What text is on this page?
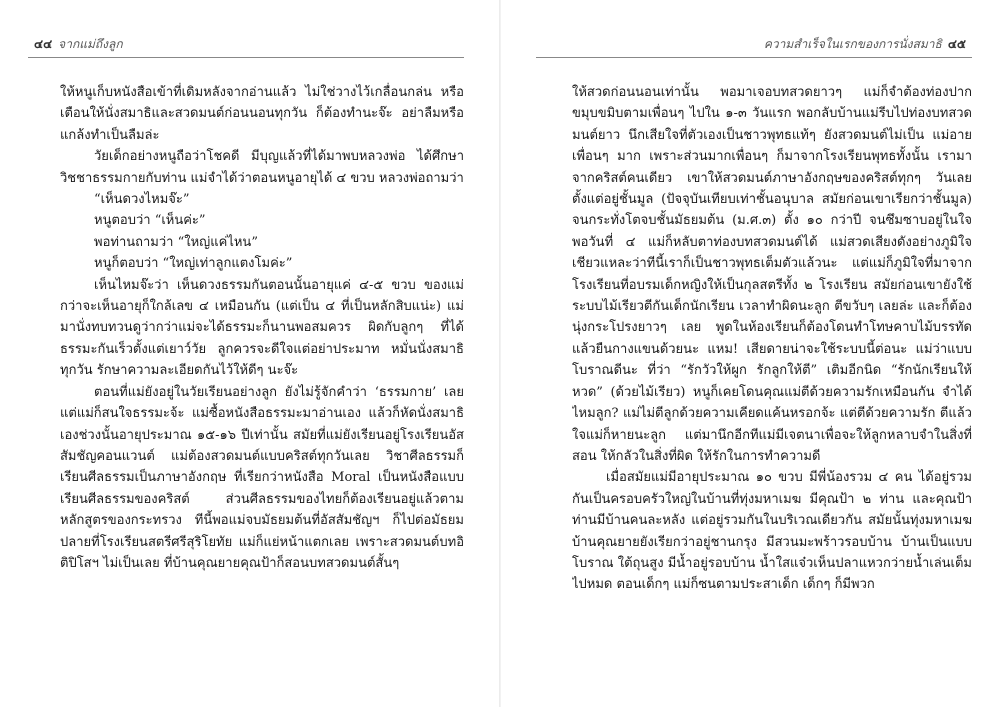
๔๔ จากแม่ถึงลูก

ให้หนูเก็บหนังสือเข้าที่เดิมหลังจากอ่านแล้ว ไม่ใช่วางไว้เกลื่อนกล่น หรือเตือนให้นั่งสมาธิและสวดมนต์ก่อนนอนทุกวัน ก็ต้องทำนะจ๊ะ อย่าลืมหรือแกล้งทำเป็นลืมล่ะ

วัยเด็กอย่างหนูถือว่าโชคดี มีบุญแล้วที่ได้มาพบหลวงพ่อ ได้ศึกษาวิชชาธรรมกายกับท่าน แม่จำได้ว่าตอนหนูอายุได้ ๔ ขวบ หลวงพ่อถามว่า

“เห็นดวงไหมจ๊ะ”

หนูตอบว่า “เห็นค่ะ”

พอท่านถามว่า “ใหญ่แค่ไหน”

หนูก็ตอบว่า “ใหญ่เท่าลูกแตงโมค่ะ”

เห็นไหมจ๊ะว่า เห็นดวงธรรมกันตอนนั้นอายุแค่ ๔-๕ ขวบ ของแม่กว่าจะเห็นอายุก็ใกล้เลข ๔ เหมือนกัน (แต่เป็น ๔ ที่เป็นหลักสิบแน่ะ) แม่มานั่งทบทวนดูว่ากว่าแม่จะได้ธรรมะก็นานพอสมควร ผิดกับลูกๆ ที่ได้ธรรมะกันเร็วตั้งแต่เยาว์วัย ลูกควรจะดีใจแต่อย่าประมาท หมั่นนั่งสมาธิทุกวัน รักษาความละเอียดกันไว้ให้ดีๆ นะจ๊ะ

ตอนที่แม่ยังอยู่ในวัยเรียนอย่างลูก ยังไม่รู้จักคำว่า ‘ธรรมกาย’ เลย แต่แม่ก็สนใจธรรมะจ้ะ แม่ซื้อหนังสือธรรมะมาอ่านเอง แล้วก็หัดนั่งสมาธิเองช่วงนั้นอายุประมาณ ๑๕-๑๖ ปีเท่านั้น สมัยที่แม่ยังเรียนอยู่โรงเรียนอัสสัมชัญคอนแวนต์ แม่ต้องสวดมนต์แบบคริสต์ทุกวันเลย วิชาศีลธรรมก็เรียนศีลธรรมเป็นภาษาอังกฤษ ที่เรียกว่าหนังสือ Moral เป็นหนังสือแบบเรียนศีลธรรมของคริสต์ ส่วนศีลธรรมของไทยก็ต้องเรียนอยู่แล้วตามหลักสูตรของกระทรวง ทีนี้พอแม่จบมัธยมต้นที่อัสสัมชัญฯ ก็ไปต่อมัธยมปลายที่โรงเรียนสตรีศรีสุริโยทัย แม่ก็แย่หน้าแตกเลย เพราะสวดมนต์บทอิติปิโสฯ ไม่เป็นเลย ที่บ้านคุณยายคุณป้าก็สอนบทสวดมนต์สั้นๆ

ความสำเร็จในเรกของการนั่งสมาธิ ๔๕

ให้สวดก่อนนอนเท่านั้น พอมาเจอบทสวดยาวๆ แม่ก็จำต้องท่องปากขมุบขมิบตามเพื่อนๆ ไปใน ๑-๓ วันแรก พอกลับบ้านแม่รีบไปท่องบทสวดมนต์ยาว นึกเสียใจที่ตัวเองเป็นชาวพุทธแท้ๆ ยังสวดมนต์ไม่เป็น แม่อายเพื่อนๆ มาก เพราะส่วนมากเพื่อนๆ ก็มาจากโรงเรียนพุทธทั้งนั้น เรามาจากคริสต์คนเดียว เขาให้สวดมนต์ภาษาอังกฤษของคริสต์ทุกๆ วันเลยตั้งแต่อยู่ชั้นมูล (ปัจจุบันเทียบเท่าชั้นอนุบาล สมัยก่อนเขาเรียกว่าชั้นมูล) จนกระทั่งโตจบชั้นมัธยมต้น (ม.ศ.๓) ตั้ง ๑๐ กว่าปี จนซึมซาบอยู่ในใจ พอวันที่ ๔ แม่ก็หลับตาท่องบทสวดมนต์ได้ แม่สวดเสียงดังอย่างภูมิใจเชียวแหละว่าทีนี้เราก็เป็นชาวพุทธเต็มตัวแล้วนะ แต่แม่ก็ภูมิใจที่มาจากโรงเรียนที่อบรมเด็กหญิงให้เป็นกุลสตรีทั้ง ๒ โรงเรียน สมัยก่อนเขายังใช้ระบบไม้เรียวตีกันเด็กนักเรียน เวลาทำผิดนะลูก ตีขวับๆ เลยล่ะ และก็ต้องนุ่งกระโปรงยาวๆ เลย พูดในห้องเรียนก็ต้องโดนทำโทษคาบไม้บรรทัด แล้วยืนกางแขนด้วยนะ แหม! เสียดายน่าจะใช้ระบบนี้ต่อนะ แม่ว่าแบบโบราณดีนะ ที่ว่า “รักวัวให้ผูก รักลูกให้ตี” เติมอีกนิด “รักนักเรียนให้หวด” (ด้วยไม้เรียว) หนูก็เคยโดนคุณแม่ตีด้วยความรักเหมือนกัน จำได้ไหมลูก? แม่ไม่ตีลูกด้วยความเคียดแค้นหรอกจ้ะ แต่ตีด้วยความรัก ตีแล้วใจแม่ก็หายนะลูก แต่มานึกอีกทีแม่มีเจตนาเพื่อจะให้ลูกหลาบจำในสิ่งที่สอน ให้กลัวในสิ่งที่ผิด ให้รักในการทำความดี

เมื่อสมัยแม่มีอายุประมาณ ๑๐ ขวบ มีพี่น้องรวม ๔ คน ได้อยู่รวมกันเป็นครอบครัวใหญ่ในบ้านที่ทุ่งมหาเมฆ มีคุณป้า ๒ ท่าน และคุณป้าท่านมีบ้านคนละหลัง แต่อยู่รวมกันในบริเวณเดียวกัน สมัยนั้นทุ่งมหาเมฆบ้านคุณยายยังเรียกว่าอยู่ชานกรุง มีสวนมะพร้าวรอบบ้าน บ้านเป็นแบบโบราณ ใต้ถุนสูง มีน้ำอยู่รอบบ้าน น้ำใสแจ๋วเห็นปลาแหวกว่ายน้ำเล่นเต็มไปหมด ตอนเด็กๆ แม่ก็ซนตามประสาเด็ก เด็กๆ ก็มีพวก
